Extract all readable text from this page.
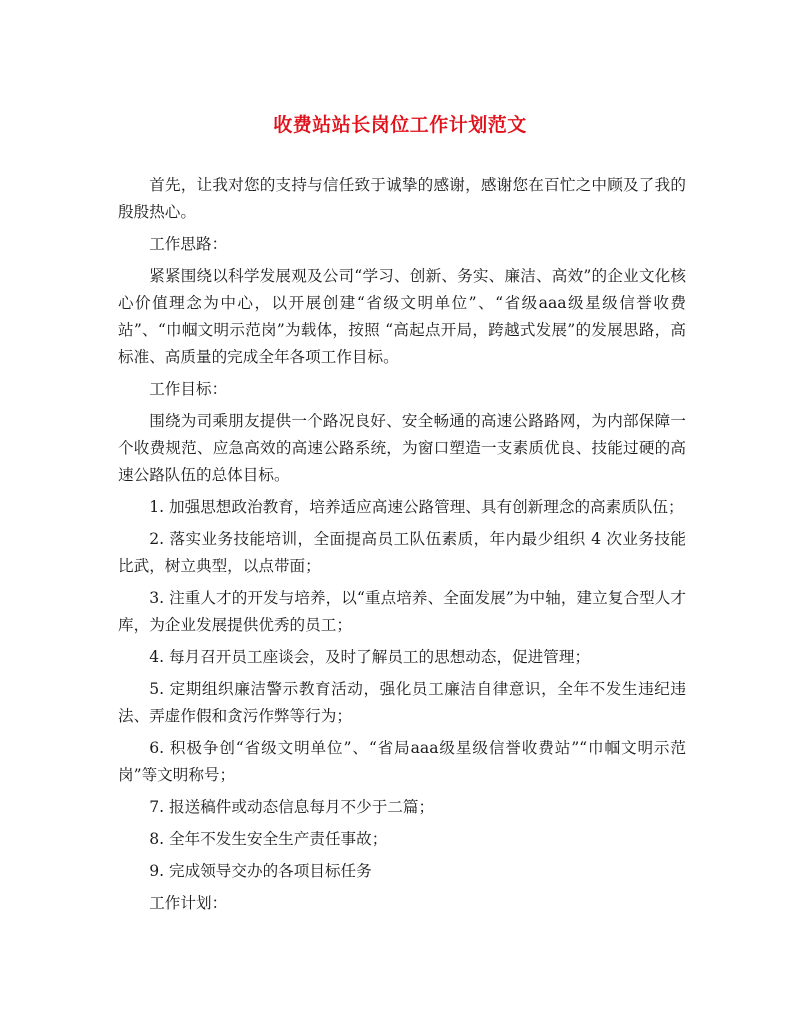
收费站站长岗位工作计划范文

首先，让我对您的支持与信任致于诚挚的感谢，感谢您在百忙之中顾及了我的殷殷热心。

工作思路：

紧紧围绕以科学发展观及公司“学习、创新、务实、廉洁、高效”的企业文化核心价值理念为中心，以开展创建“省级文明单位”、“省级aaa级星级信誉收费站”、“巾帼文明示范岗”为载体，按照 “高起点开局，跨越式发展”的发展思路，高标准、高质量的完成全年各项工作目标。

工作目标：

围绕为司乘朋友提供一个路况良好、安全畅通的高速公路路网，为内部保障一个收费规范、应急高效的高速公路系统，为窗口塑造一支素质优良、技能过硬的高速公路队伍的总体目标。

1. 加强思想政治教育，培养适应高速公路管理、具有创新理念的高素质队伍；

2. 落实业务技能培训，全面提高员工队伍素质，年内最少组织 4 次业务技能比武，树立典型，以点带面；

3. 注重人才的开发与培养，以“重点培养、全面发展”为中轴，建立复合型人才库，为企业发展提供优秀的员工；

4. 每月召开员工座谈会，及时了解员工的思想动态，促进管理；

5. 定期组织廉洁警示教育活动，强化员工廉洁自律意识，全年不发生违纪违法、弄虚作假和贪污作弊等行为；

6. 积极争创“省级文明单位”、“省局aaa级星级信誉收费站”“巾帼文明示范岗”等文明称号；

7. 报送稿件或动态信息每月不少于二篇；

8. 全年不发生安全生产责任事故；

9. 完成领导交办的各项目标任务

工作计划：
